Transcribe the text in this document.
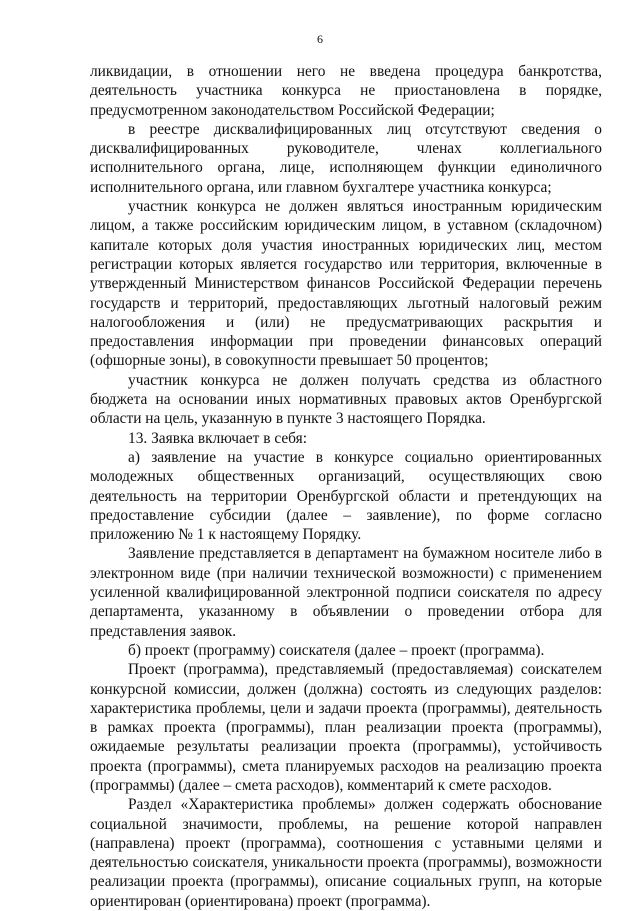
6
ликвидации, в отношении него не введена процедура банкротства,
деятельность участника конкурса не приостановлена в порядке,
предусмотренном законодательством Российской Федерации;
в реестре дисквалифицированных лиц отсутствуют сведения о
дисквалифицированных руководителе, членах коллегиального
исполнительного органа, лице, исполняющем функции единоличного
исполнительного органа, или главном бухгалтере участника конкурса;
участник конкурса не должен являться иностранным юридическим
лицом, а также российским юридическим лицом, в уставном (складочном)
капитале которых доля участия иностранных юридических лиц, местом
регистрации которых является государство или территория, включенные в
утвержденный Министерством финансов Российской Федерации перечень
государств и территорий, предоставляющих льготный налоговый режим
налогообложения и (или) не предусматривающих раскрытия и
предоставления информации при проведении финансовых операций
(офшорные зоны), в совокупности превышает 50 процентов;
участник конкурса не должен получать средства из областного
бюджета на основании иных нормативных правовых актов Оренбургской
области на цель, указанную в пункте 3 настоящего Порядка.
13. Заявка включает в себя:
а) заявление на участие в конкурсе социально ориентированных
молодежных общественных организаций, осуществляющих свою
деятельность на территории Оренбургской области и претендующих на
предоставление субсидии (далее – заявление), по форме согласно
приложению № 1 к настоящему Порядку.
Заявление представляется в департамент на бумажном носителе либо в
электронном виде (при наличии технической возможности) с применением
усиленной квалифицированной электронной подписи соискателя по адресу
департамента, указанному в объявлении о проведении отбора для
представления заявок.
б) проект (программу) соискателя (далее – проект (программа).
Проект (программа), представляемый (предоставляемая) соискателем
конкурсной комиссии, должен (должна) состоять из следующих разделов:
характеристика проблемы, цели и задачи проекта (программы), деятельность
в рамках проекта (программы), план реализации проекта (программы),
ожидаемые результаты реализации проекта (программы), устойчивость
проекта (программы), смета планируемых расходов на реализацию проекта
(программы) (далее – смета расходов), комментарий к смете расходов.
Раздел «Характеристика проблемы» должен содержать обоснование
социальной значимости, проблемы, на решение которой направлен
(направлена) проект (программа), соотношения с уставными целями и
деятельностью соискателя, уникальности проекта (программы), возможности
реализации проекта (программы), описание социальных групп, на которые
ориентирован (ориентирована) проект (программа).
